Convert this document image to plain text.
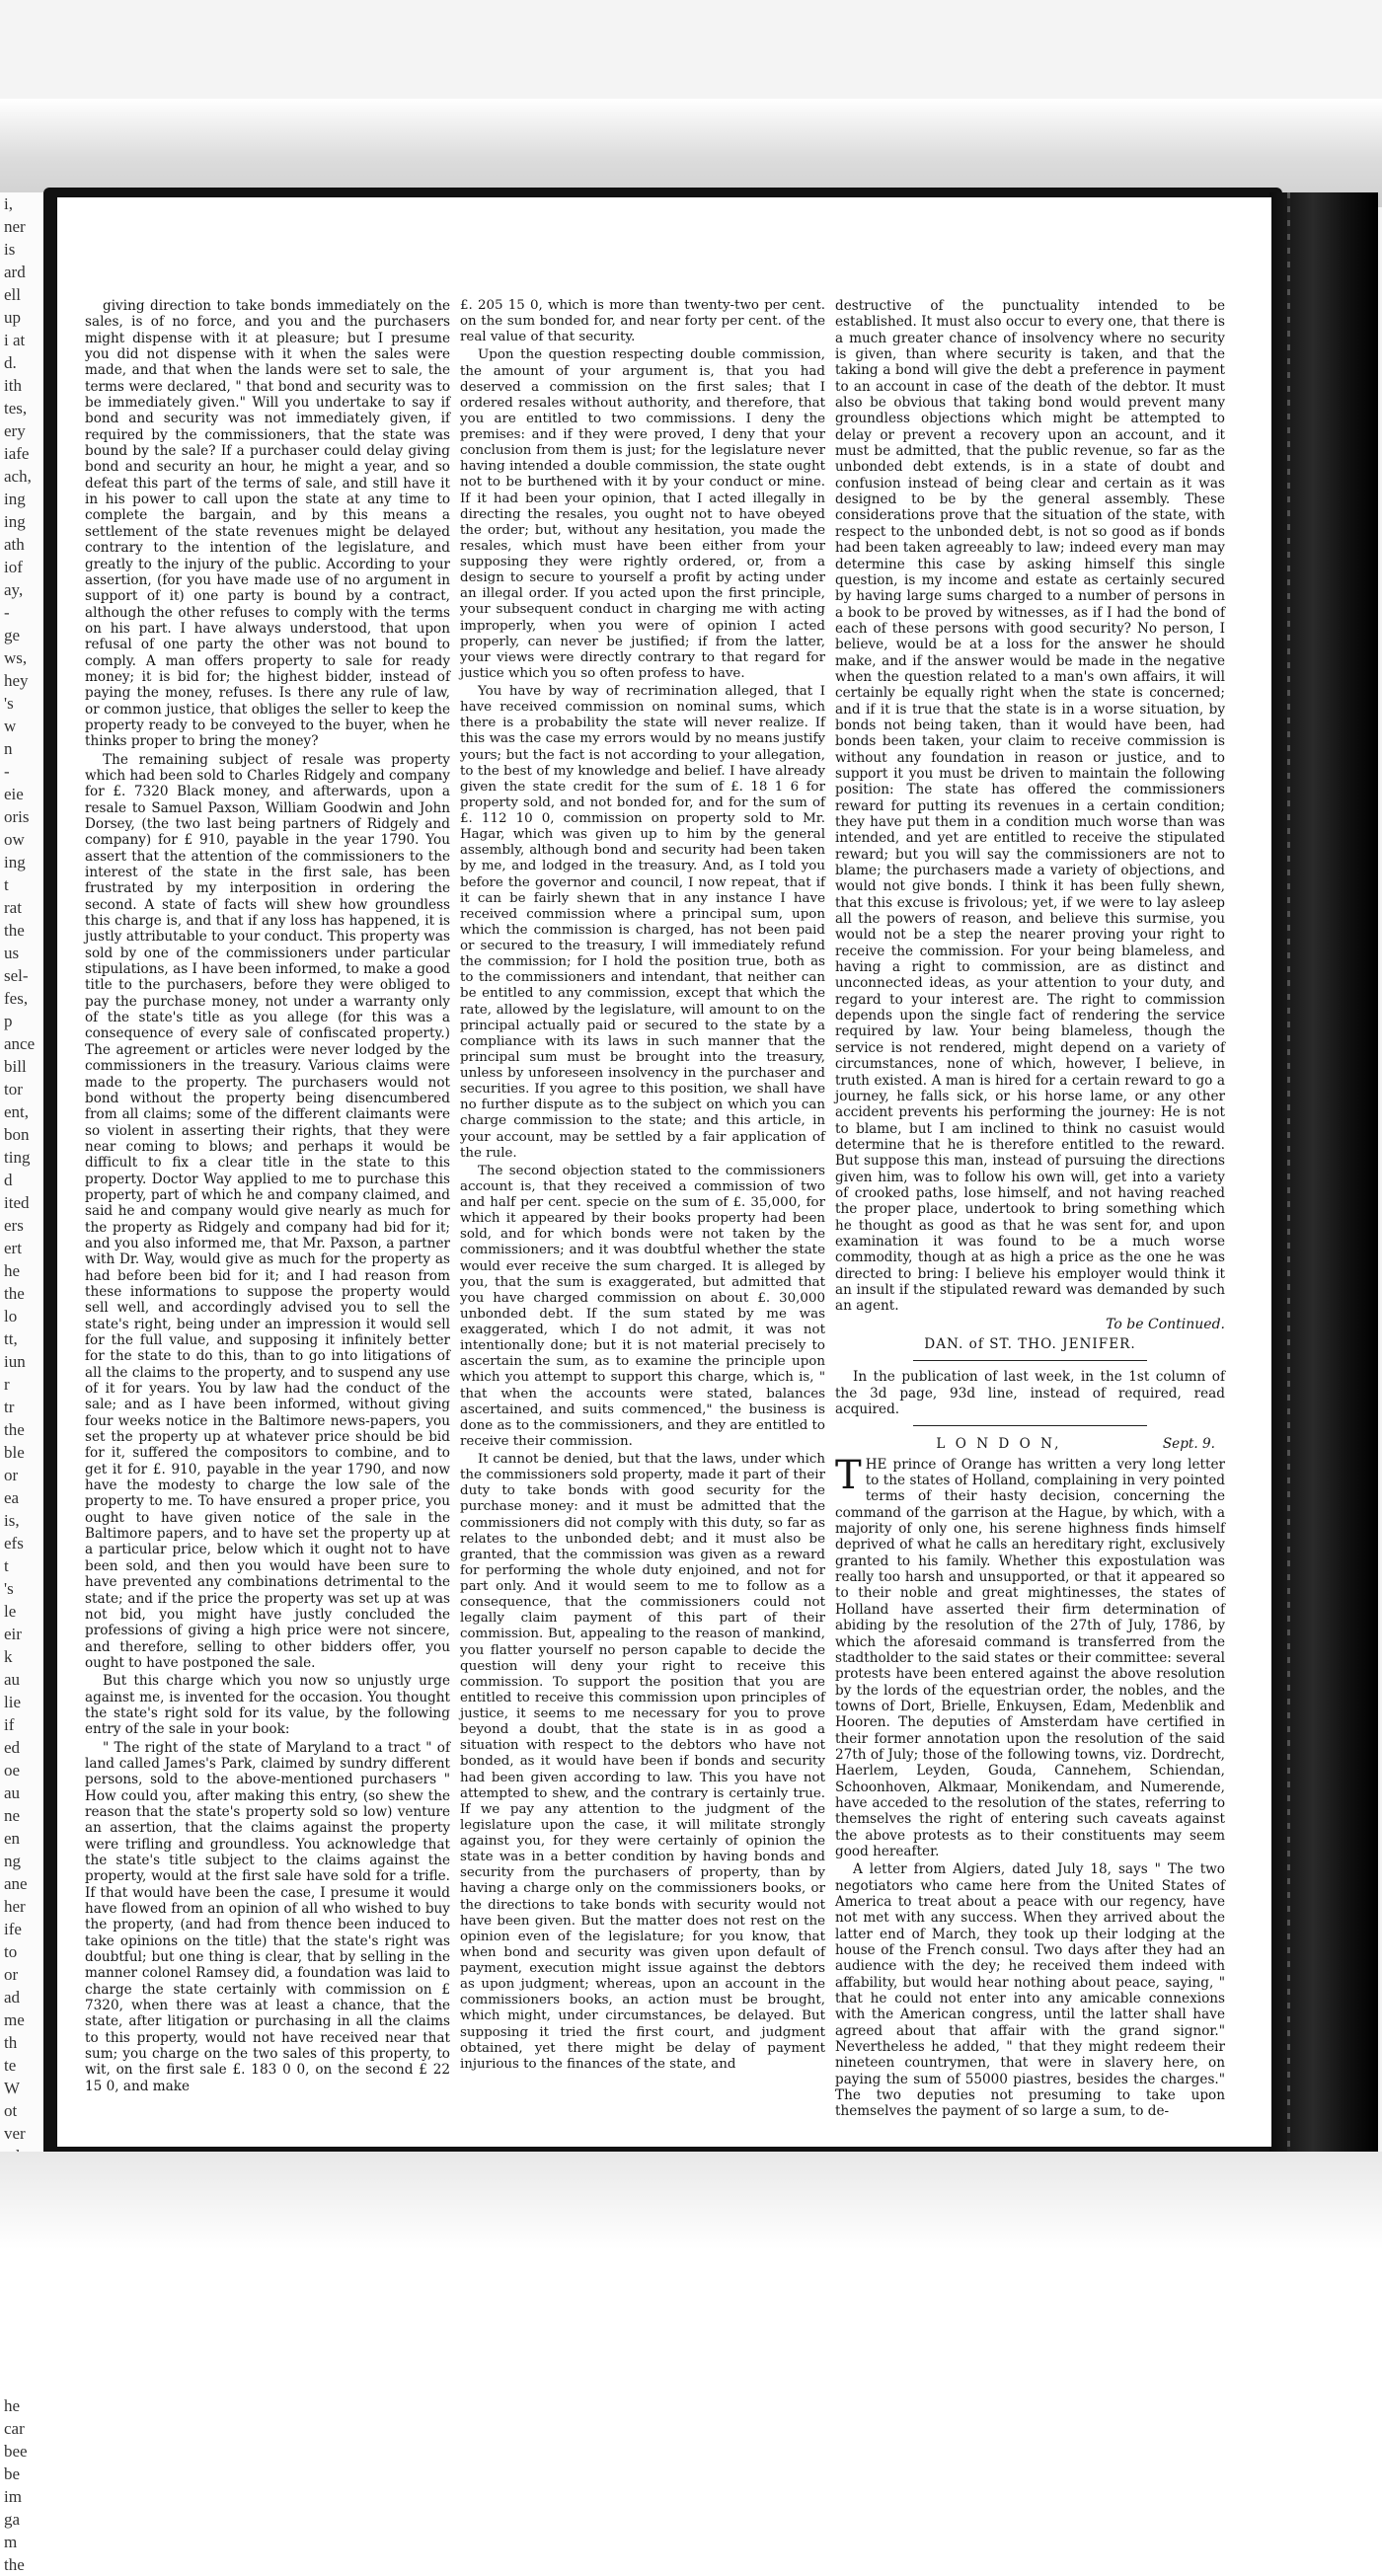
i,
ner
is
ard
ell
up
i at
d.
ith
tes,
ery
iafe
ach,
ing
ing
ath
iof
ay,
-
ge
ws,
hey
's
w
n
-
eie
oris
ow
ing
t
rat
the
us
sel-
fes,
p
ance
bill
tor
ent,
bon
ting
d
ited
ers
ert
he
the
lo
tt,
iun
r
tr
the
ble
or
ea
is,
efs
t
's
le
eir
k
au
lie
if
ed
oe
au
ne
en
ng
ane
her
ife
to
or
ad
me
th
te
W
ot
ver
he
car
bee
be
im
ga
m
the

giving direction to take bonds immediately on the sales, is of no force, and you and the purchasers might dispense with it at pleasure; but I presume you did not dispense with it when the sales were made, and that when the lands were set to sale, the terms were declared, " that bond and security was to be immediately given." Will you undertake to say if bond and security was not immediately given, if required by the commissioners, that the state was bound by the sale? If a purchaser could delay giving bond and security an hour, he might a year, and so defeat this part of the terms of sale, and still have it in his power to call upon the state at any time to complete the bargain, and by this means a settlement of the state revenues might be delayed contrary to the intention of the legislature, and greatly to the injury of the public. According to your assertion, (for you have made use of no argument in support of it) one party is bound by a contract, although the other refuses to comply with the terms on his part. I have always understood, that upon refusal of one party the other was not bound to comply. A man offers property to sale for ready money; it is bid for; the highest bidder, instead of paying the money, refuses. Is there any rule of law, or common justice, that obliges the seller to keep the property ready to be conveyed to the buyer, when he thinks proper to bring the money?

The remaining subject of resale was property which had been sold to Charles Ridgely and company for £. 7320 Black money, and afterwards, upon a resale to Samuel Paxson, William Goodwin and John Dorsey, (the two last being partners of Ridgely and company) for £ 910, payable in the year 1790. You assert that the attention of the commissioners to the interest of the state in the first sale, has been frustrated by my interposition in ordering the second. A state of facts will shew how groundless this charge is, and that if any loss has happened, it is justly attributable to your conduct. This property was sold by one of the commissioners under particular stipulations, as I have been informed, to make a good title to the purchasers, before they were obliged to pay the purchase money, not under a warranty only of the state's title as you allege (for this was a consequence of every sale of confiscated property.) The agreement or articles were never lodged by the commissioners in the treasury. Various claims were made to the property. The purchasers would not bond without the property being disencumbered from all claims; some of the different claimants were so violent in asserting their rights, that they were near coming to blows; and perhaps it would be difficult to fix a clear title in the state to this property. Doctor Way applied to me to purchase this property, part of which he and company claimed, and said he and company would give nearly as much for the property as Ridgely and company had bid for it; and you also informed me, that Mr. Paxson, a partner with Dr. Way, would give as much for the property as had before been bid for it; and I had reason from these informations to suppose the property would sell well, and accordingly advised you to sell the state's right, being under an impression it would sell for the full value, and supposing it infinitely better for the state to do this, than to go into litigations of all the claims to the property, and to suspend any use of it for years. You by law had the conduct of the sale; and as I have been informed, without giving four weeks notice in the Baltimore news-papers, you set the property up at whatever price should be bid for it, suffered the compositors to combine, and to get it for £. 910, payable in the year 1790, and now have the modesty to charge the low sale of the property to me. To have ensured a proper price, you ought to have given notice of the sale in the Baltimore papers, and to have set the property up at a particular price, below which it ought not to have been sold, and then you would have been sure to have prevented any combinations detrimental to the state; and if the price the property was set up at was not bid, you might have justly concluded the professions of giving a high price were not sincere, and therefore, selling to other bidders offer, you ought to have postponed the sale.

But this charge which you now so unjustly urge against me, is invented for the occasion. You thought the state's right sold for its value, by the following entry of the sale in your book:

" The right of the state of Maryland to a tract " of land called James's Park, claimed by sundry different persons, sold to the above-mentioned purchasers " How could you, after making this entry, (so shew the reason that the state's property sold so low) venture an assertion, that the claims against the property were trifling and groundless. You acknowledge that the state's title subject to the claims against the property, would at the first sale have sold for a trifle. If that would have been the case, I presume it would have flowed from an opinion of all who wished to buy the property, (and had from thence been induced to take opinions on the title) that the state's right was doubtful; but one thing is clear, that by selling in the manner colonel Ramsey did, a foundation was laid to charge the state certainly with commission on £ 7320, when there was at least a chance, that the state, after litigation or purchasing in all the claims to this property, would not have received near that sum; you charge on the two sales of this property, to wit, on the first sale £. 183 0 0, on the second £ 22 15 0, and make

£. 205 15 0, which is more than twenty-two per cent. on the sum bonded for, and near forty per cent. of the real value of that security.

Upon the question respecting double commission, the amount of your argument is, that you had deserved a commission on the first sales; that I ordered resales without authority, and therefore, that you are entitled to two commissions. I deny the premises: and if they were proved, I deny that your conclusion from them is just; for the legislature never having intended a double commission, the state ought not to be burthened with it by your conduct or mine. If it had been your opinion, that I acted illegally in directing the resales, you ought not to have obeyed the order; but, without any hesitation, you made the resales, which must have been either from your supposing they were rightly ordered, or, from a design to secure to yourself a profit by acting under an illegal order. If you acted upon the first principle, your subsequent conduct in charging me with acting improperly, when you were of opinion I acted properly, can never be justified; if from the latter, your views were directly contrary to that regard for justice which you so often profess to have.

You have by way of recrimination alleged, that I have received commission on nominal sums, which there is a probability the state will never realize. If this was the case my errors would by no means justify yours; but the fact is not according to your allegation, to the best of my knowledge and belief. I have already given the state credit for the sum of £. 18 1 6 for property sold, and not bonded for, and for the sum of £. 112 10 0, commission on property sold to Mr. Hagar, which was given up to him by the general assembly, although bond and security had been taken by me, and lodged in the treasury. And, as I told you before the governor and council, I now repeat, that if it can be fairly shewn that in any instance I have received commission where a principal sum, upon which the commission is charged, has not been paid or secured to the treasury, I will immediately refund the commission; for I hold the position true, both as to the commissioners and intendant, that neither can be entitled to any commission, except that which the rate, allowed by the legislature, will amount to on the principal actually paid or secured to the state by a compliance with its laws in such manner that the principal sum must be brought into the treasury, unless by unforeseen insolvency in the purchaser and securities. If you agree to this position, we shall have no further dispute as to the subject on which you can charge commission to the state; and this article, in your account, may be settled by a fair application of the rule.

The second objection stated to the commissioners account is, that they received a commission of two and half per cent. specie on the sum of £. 35,000, for which it appeared by their books property had been sold, and for which bonds were not taken by the commissioners; and it was doubtful whether the state would ever receive the sum charged. It is alleged by you, that the sum is exaggerated, but admitted that you have charged commission on about £. 30,000 unbonded debt. If the sum stated by me was exaggerated, which I do not admit, it was not intentionally done; but it is not material precisely to ascertain the sum, as to examine the principle upon which you attempt to support this charge, which is, " that when the accounts were stated, balances ascertained, and suits commenced," the business is done as to the commissioners, and they are entitled to receive their commission.

It cannot be denied, but that the laws, under which the commissioners sold property, made it part of their duty to take bonds with good security for the purchase money: and it must be admitted that the commissioners did not comply with this duty, so far as relates to the unbonded debt; and it must also be granted, that the commission was given as a reward for performing the whole duty enjoined, and not for part only. And it would seem to me to follow as a consequence, that the commissioners could not legally claim payment of this part of their commission. But, appealing to the reason of mankind, you flatter yourself no person capable to decide the question will deny your right to receive this commission. To support the position that you are entitled to receive this commission upon principles of justice, it seems to me necessary for you to prove beyond a doubt, that the state is in as good a situation with respect to the debtors who have not bonded, as it would have been if bonds and security had been given according to law. This you have not attempted to shew, and the contrary is certainly true. If we pay any attention to the judgment of the legislature upon the case, it will militate strongly against you, for they were certainly of opinion the state was in a better condition by having bonds and security from the purchasers of property, than by having a charge only on the commissioners books, or the directions to take bonds with security would not have been given. But the matter does not rest on the opinion even of the legislature; for you know, that when bond and security was given upon default of payment, execution might issue against the debtors as upon judgment; whereas, upon an account in the commissioners books, an action must be brought, which might, under circumstances, be delayed. But supposing it tried the first court, and judgment obtained, yet there might be delay of payment injurious to the finances of the state, and

destructive of the punctuality intended to be established. It must also occur to every one, that there is a much greater chance of insolvency where no security is given, than where security is taken, and that the taking a bond will give the debt a preference in payment to an account in case of the death of the debtor. It must also be obvious that taking bond would prevent many groundless objections which might be attempted to delay or prevent a recovery upon an account, and it must be admitted, that the public revenue, so far as the unbonded debt extends, is in a state of doubt and confusion instead of being clear and certain as it was designed to be by the general assembly. These considerations prove that the situation of the state, with respect to the unbonded debt, is not so good as if bonds had been taken agreeably to law; indeed every man may determine this case by asking himself this single question, is my income and estate as certainly secured by having large sums charged to a number of persons in a book to be proved by witnesses, as if I had the bond of each of these persons with good security? No person, I believe, would be at a loss for the answer he should make, and if the answer would be made in the negative when the question related to a man's own affairs, it will certainly be equally right when the state is concerned; and if it is true that the state is in a worse situation, by bonds not being taken, than it would have been, had bonds been taken, your claim to receive commission is without any foundation in reason or justice, and to support it you must be driven to maintain the following position: The state has offered the commissioners reward for putting its revenues in a certain condition; they have put them in a condition much worse than was intended, and yet are entitled to receive the stipulated reward; but you will say the commissioners are not to blame; the purchasers made a variety of objections, and would not give bonds. I think it has been fully shewn, that this excuse is frivolous; yet, if we were to lay asleep all the powers of reason, and believe this surmise, you would not be a step the nearer proving your right to receive the commission. For your being blameless, and having a right to commission, are as distinct and unconnected ideas, as your attention to your duty, and regard to your interest are. The right to commission depends upon the single fact of rendering the service required by law. Your being blameless, though the service is not rendered, might depend on a variety of circumstances, none of which, however, I believe, in truth existed. A man is hired for a certain reward to go a journey, he falls sick, or his horse lame, or any other accident prevents his performing the journey: He is not to blame, but I am inclined to think no casuist would determine that he is therefore entitled to the reward. But suppose this man, instead of pursuing the directions given him, was to follow his own will, get into a variety of crooked paths, lose himself, and not having reached the proper place, undertook to bring something which he thought as good as that he was sent for, and upon examination it was found to be a much worse commodity, though at as high a price as the one he was directed to bring: I believe his employer would think it an insult if the stipulated reward was demanded by such an agent.

To be Continued.
DAN. of ST. THO. JENIFER.

In the publication of last week, in the 1st column of the 3d page, 93d line, instead of required, read acquired.

L O N D O N,	Sept. 9.

THE prince of Orange has written a very long letter to the states of Holland, complaining in very pointed terms of their hasty decision, concerning the command of the garrison at the Hague, by which, with a majority of only one, his serene highness finds himself deprived of what he calls an hereditary right, exclusively granted to his family. Whether this expostulation was really too harsh and unsupported, or that it appeared so to their noble and great mightinesses, the states of Holland have asserted their firm determination of abiding by the resolution of the 27th of July, 1786, by which the aforesaid command is transferred from the stadtholder to the said states or their committee: several protests have been entered against the above resolution by the lords of the equestrian order, the nobles, and the towns of Dort, Brielle, Enkuysen, Edam, Medenblik and Hooren. The deputies of Amsterdam have certified in their former annotation upon the resolution of the said 27th of July; those of the following towns, viz. Dordrecht, Haerlem, Leyden, Gouda, Cannehem, Schiendan, Schoonhoven, Alkmaar, Monikendam, and Numerende, have acceded to the resolution of the states, referring to themselves the right of entering such caveats against the above protests as to their constituents may seem good hereafter.

A letter from Algiers, dated July 18, says " The two negotiators who came here from the United States of America to treat about a peace with our regency, have not met with any success. When they arrived about the latter end of March, they took up their lodging at the house of the French consul. Two days after they had an audience with the dey; he received them indeed with affability, but would hear nothing about peace, saying, " that he could not enter into any amicable connexions with the American congress, until the latter shall have agreed about that affair with the grand signor." Nevertheless he added, " that they might redeem their nineteen countrymen, that were in slavery here, on paying the sum of 55000 piastres, besides the charges." The two deputies not presuming to take upon themselves the payment of so large a sum, to de-
